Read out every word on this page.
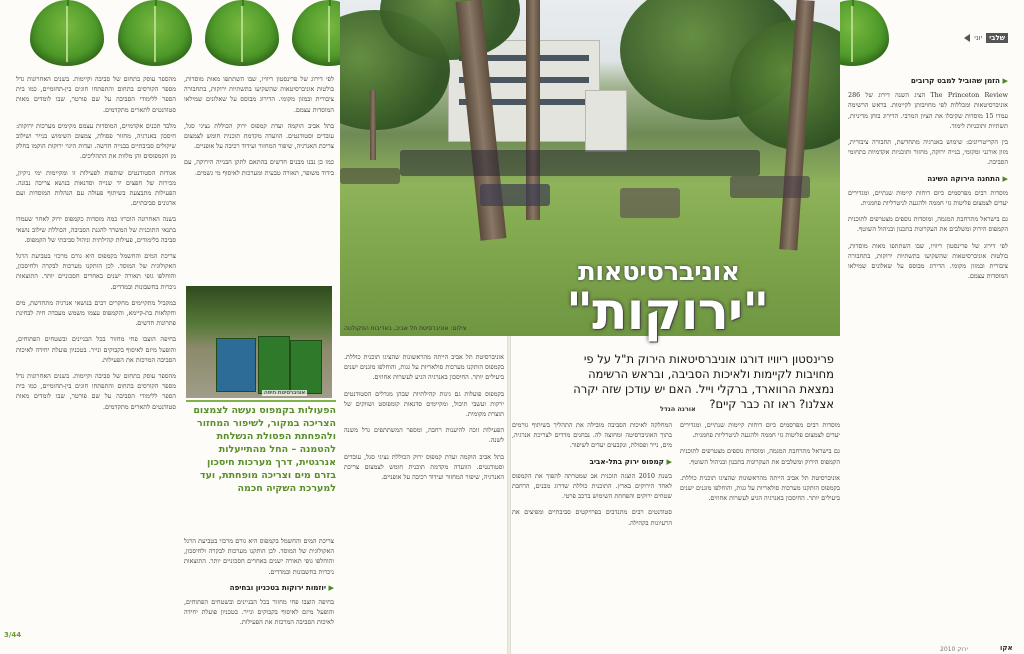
יוני	שלבי
צילום: אוניברסיטת תל אביב, באדיבות הפקולטה
אוניברסיטאות
"ירוקות"
פרינסטון ריוויו דורגו אוניברסיטאות הירוק ת"ל על פי מחויבות לקיימות ולאיכות הסביבה, ובראש הרשימה נמצאת הרווארד, ברקלי וייל. האם יש עודכן שזה יקרה אצלנו? ראו זה כבר קיים?
אורנה הנדל
אוניברסיטת חיפה
הפעולות בקמפוס נעשה לצמצום הצריכה במקור, לשיפור המחזור ולהפחתת הפסולת הנשלחת להטמנה – החל מהתייעלות אנרגטית, דרך מערכות חיסכון בזרם מים וצריכה מופחתת, ועד למערכת השקיה חכמה

מהספר עוסק בתחום של סביבה וקיימות. בשנים האחרונות גדל מספר הקורסים בתחום והתפתחו חוגים בין-תחומיים, כמו בית הספר ללימודי הסביבה על שם פורטר, שבו לומדים מאות סטודנטים לתארים מתקדמים.

מלבד תכנים אקדמיים, המוסדות עצמם מקימים מערכות ירוקות: חיסכון באנרגיה, מחזור פסולת, צמצום השימוש בנייר ושילוב שיקולים סביבתיים בבנייה חדשה. ועדות היגוי ירוקות הוקמו בחלק מן הקמפוסים והן מלוות את התהליכים.

אגודות הסטודנטים שותפות לפעילות זו ומקיימות ימי ניקיון, מכירות של חפצים יד שנייה וסדנאות בנושא צריכה נבונה. הפעילות מתבצעת בשיתוף פעולה עם הנהלות המוסדות ועם ארגונים סביבתיים.

בשנה האחרונה הוכרזו כמה מוסדות כקמפוס ירוק לאחר שעמדו בתנאי התוכנית של המשרד להגנת הסביבה, הכוללת שילוב נושאי סביבה בלימודים, פעילות קהילתית וניהול סביבתי של הקמפוס.

צריכת המים והחשמל בקמפוס היא גורם מרכזי בטביעת הרגל האקולוגית של המוסד. לכן הותקנו מערכות לבקרה ולחיסכון, והוחלפו גופי תאורה ישנים באחרים חסכוניים יותר. התוצאות ניכרות בחשבונות ובמדדים.

במקביל מתקיימים מחקרים רבים בנושאי אנרגיה מתחדשת, מים וחקלאות בת-קיימא, והקמפוס עצמו משמש מעבדה חיה לבחינת פתרונות חדשים.

בחיפה הוצבו פחי מחזור בכל הבניינים ובשטחים הפתוחים, והופעל מיזם לאיסוף בקבוקים ונייר. בטכניון פועלת יחידה לאיכות הסביבה המרכזת את הפעילות.

מהספר עוסק בתחום של סביבה וקיימות. בשנים האחרונות גדל מספר הקורסים בתחום והתפתחו חוגים בין-תחומיים, כמו בית הספר ללימודי הסביבה על שם פורטר, שבו לומדים מאות סטודנטים לתארים מתקדמים.

לפי דירוג של פרינסטון ריוויו, שבו השתתפו מאות מוסדות, בולטות אוניברסיטאות שהשקיעו בתשתיות ירוקות, בתחבורה ציבורית ובמזון מקומי. הדירוג מבוסס על שאלונים שמילאו המוסדות עצמם.

בתל אביב הוקמה ועדת קמפוס ירוק הכוללת נציגי סגל, עובדים וסטודנטים. הוועדה מקדמת תוכנית חומש לצמצום צריכת האנרגיה, שיפור המחזור ועידוד רכיבה על אופניים.

כמו כן נבנו מבנים חדשים בהתאם לתקן הבנייה הירוקה, עם בידוד משופר, תאורה טבעית ומערכות לאיסוף מי גשמים.

צריכת המים והחשמל בקמפוס היא גורם מרכזי בטביעת הרגל האקולוגית של המוסד. לכן הותקנו מערכות לבקרה ולחיסכון, והוחלפו גופי תאורה ישנים באחרים חסכוניים יותר. התוצאות ניכרות בחשבונות ובמדדים.

▶ יוזמות ירוקות בטכניון ובחיפה

בחיפה הוצבו פחי מחזור בכל הבניינים ובשטחים הפתוחים, והופעל מיזם לאיסוף בקבוקים ונייר. בטכניון פועלת יחידה לאיכות הסביבה המרכזת את הפעילות.

אוניברסיטת תל אביב הייתה מהראשונות שהציגו תוכנית כוללת. בקמפוס הותקנו מערכות סולאריות על גגות, והוחלפו מזגנים ישנים ביעילים יותר. החיסכון באנרגיה הגיע לעשרות אחוזים.

בקמפוס פועלות גם גינות קהילתיות שבהן מגדלים הסטודנטים ירקות ועשבי תיבול, ומקיימים סדנאות קומפוסט ושווקים של תוצרת מקומית.

הפעילות זוכה להיענות רחבה, ומספר המשתתפים גדל משנה לשנה.

בתל אביב הוקמה ועדת קמפוס ירוק הכוללת נציגי סגל, עובדים וסטודנטים. הוועדה מקדמת תוכנית חומש לצמצום צריכת האנרגיה, שיפור המחזור ועידוד רכיבה על אופניים.

המחלקה לאיכות הסביבה מובילה את התהליך בשיתוף גורמים בתוך האוניברסיטה ומחוצה לה. נבחנים מדדים לצריכת אנרגיה, מים, נייר ופסולת, ונקבעים יעדים לשיפור.

▶ קמפוס ירוק בתל-אביב

בשנת 2010 הוצגה תוכנית אב שמטרתה להפוך את הקמפוס לאחד הירוקים בארץ. התוכנית כוללת שדרוג מבנים, הרחבת שטחים ירוקים והפחתת השימוש ברכב פרטי.

סטודנטים רבים מתנדבים בפרויקטים סביבתיים ומפיצים את הרעיונות בקהילה.

מוסדות רבים מפרסמים כיום דוחות קיימות שנתיים, ומגדירים יעדים לצמצום פליטות גזי חממה ולהגעה לניטרליות פחמנית.

גם בישראל מתרחבת המגמה, ומוסדות נוספים מצטרפים לתוכנית הקמפוס הירוק ומשלבים את העקרונות בתכנון ובניהול השוטף.

אוניברסיטת תל אביב הייתה מהראשונות שהציגו תוכנית כוללת. בקמפוס הותקנו מערכות סולאריות על גגות, והוחלפו מזגנים ישנים ביעילים יותר. החיסכון באנרגיה הגיע לעשרות אחוזים.

▶ הזמן שהוביל למבט קרובים

The Princeton Review הציג השנה דירוג של 286 אוניברסיטאות ומכללות לפי מחויבותן לקיימות. בראש הרשימה עמדו 15 מוסדות שקיבלו את הציון המרבי. הדירוג בוחן מדיניות, תשתיות ותוכניות לימוד.

בין הקריטריונים: שימוש באנרגיה מתחדשת, תחבורה ציבורית, מזון אורגני ומקומי, בנייה ירוקה, מחזור ותוכניות אקדמיות בתחומי הסביבה.

▶ התחנה הירוקה השיגה

מוסדות רבים מפרסמים כיום דוחות קיימות שנתיים, ומגדירים יעדים לצמצום פליטות גזי חממה ולהגעה לניטרליות פחמנית.

גם בישראל מתרחבת המגמה, ומוסדות נוספים מצטרפים לתוכנית הקמפוס הירוק ומשלבים את העקרונות בתכנון ובניהול השוטף.

לפי דירוג של פרינסטון ריוויו, שבו השתתפו מאות מוסדות, בולטות אוניברסיטאות שהשקיעו בתשתיות ירוקות, בתחבורה ציבורית ובמזון מקומי. הדירוג מבוסס על שאלונים שמילאו המוסדות עצמם.

3/44
ירוק 2010	אקו
